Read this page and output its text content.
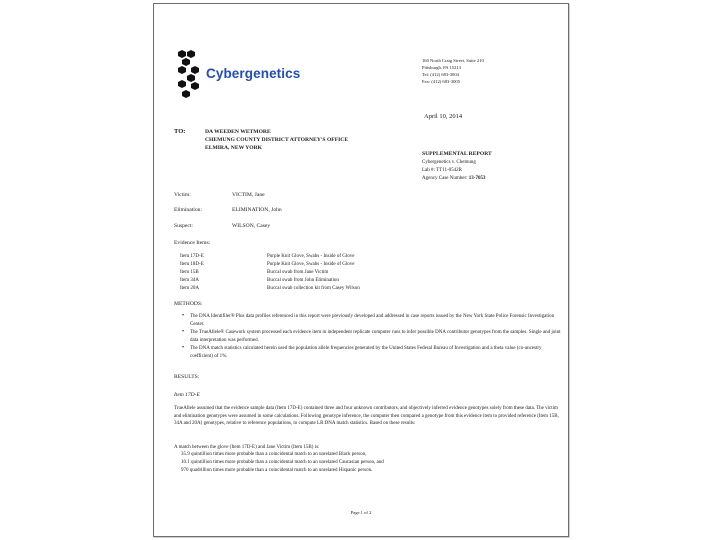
Cybergenetics
160 North Craig Street, Suite 210
Pittsburgh, PA 15213
Tel: (412) 683-3004
Fax: (412) 683-3005
April 10, 2014
TO:	DA WEEDEN WETMORE
CHEMUNG COUNTY DISTRICT ATTORNEY'S OFFICE
ELMIRA, NEW YORK
SUPPLEMENTAL REPORT
Cybergenetics v. Chemung
Lab #: TT11-0542R
Agency Case Number: 13-7053
Victim:	VICTIM, Jane
Elimination:	ELIMINATION, John
Suspect:	WILSON, Casey
Evidence Items:
Item 17D-E	Purple Knit Glove, Swabs - Inside of Glove
Item 18D-E	Purple Knit Glove, Swabs - Inside of Glove
Item 15B	Buccal swab from Jane Victim
Item 34A	Buccal swab from John Elimination
Item 20A	Buccal swab collection kit from Casey Wilson
METHODS:
• The DNA Identifiler® Plus data profiles referenced in this report were previously developed and addressed in case reports issued by the New York State Police Forensic Investigation Center.
• The TrueAllele® Casework system processed each evidence item in independent replicate computer runs to infer possible DNA contributor genotypes from the samples. Single and joint data interpretation was performed.
• The DNA match statistics calculated herein used the population allele frequencies generated by the United States Federal Bureau of Investigation and a theta value (co-ancestry coefficient) of 1%.
RESULTS:
Item 17D-E
TrueAllele assumed that the evidence sample data (Item 17D-E) contained three and four unknown contributors, and objectively inferred evidence genotypes solely from these data. The victim and elimination genotypes were assumed in some calculations. Following genotype inference, the computer then compared a genotype from this evidence item to provided reference (Item 15B, 34A and 20A) genotypes, relative to reference populations, to compute LR DNA match statistics. Based on these results:
A match between the glove (Item 17D-E) and Jane Victim (Item 15B) is:
35.9 quintillion times more probable than a coincidental match to an unrelated Black person,
10.1 quintillion times more probable than a coincidental match to an unrelated Caucasian person, and
970 quadrillion times more probable than a coincidental match to an unrelated Hispanic person.
Page 1 of 2
